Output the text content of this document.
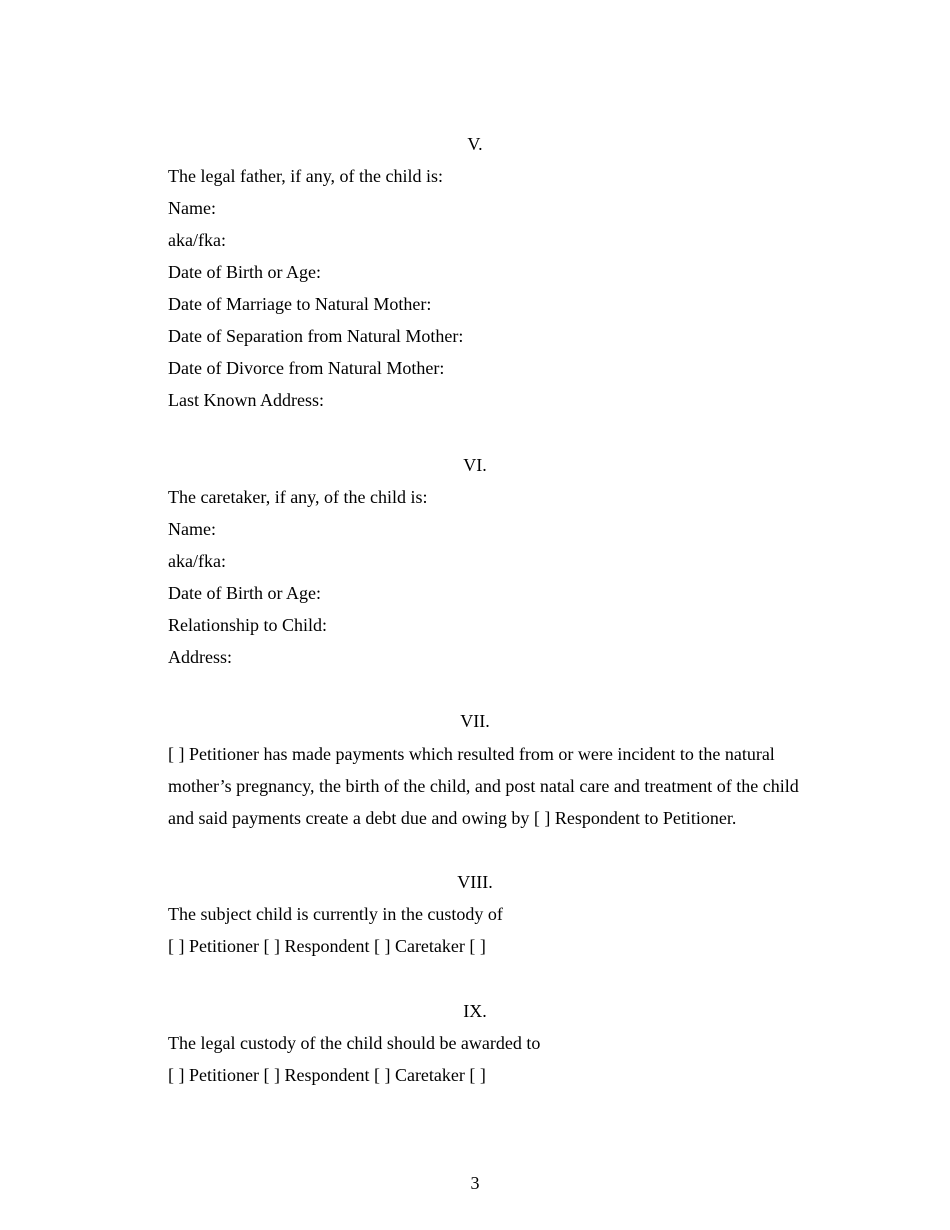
V.
The legal father, if any, of the child is:
Name:
aka/fka:
Date of Birth or Age:
Date of Marriage to Natural Mother:
Date of Separation from Natural Mother:
Date of Divorce from Natural Mother:
Last Known Address:
VI.
The caretaker, if any, of the child is:
Name:
aka/fka:
Date of Birth or Age:
Relationship to Child:
Address:
VII.
[ ] Petitioner has made payments which resulted from or were incident to the natural
mother’s pregnancy, the birth of the child, and post natal care and treatment of the child
and said payments create a debt due and owing by [ ] Respondent to Petitioner.
VIII.
The subject child is currently in the custody of
[ ] Petitioner [ ] Respondent [ ] Caretaker [ ]
IX.
The legal custody of the child should be awarded to
[ ] Petitioner [ ] Respondent [ ] Caretaker [ ]
3
